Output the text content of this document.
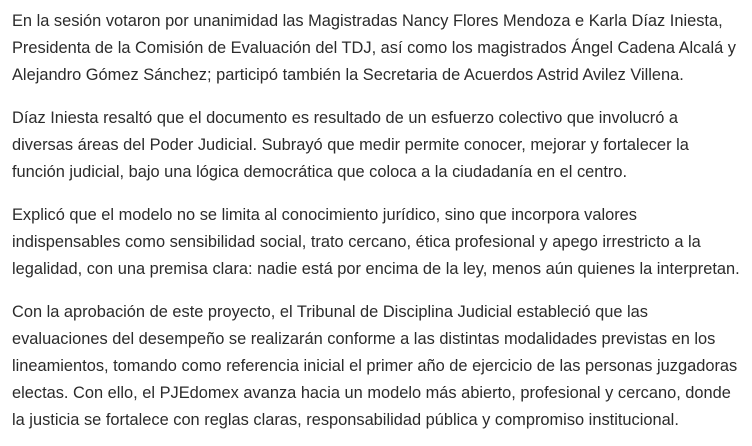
En la sesión votaron por unanimidad las Magistradas Nancy Flores Mendoza e Karla Díaz Iniesta, Presidenta de la Comisión de Evaluación del TDJ, así como los magistrados Ángel Cadena Alcalá y Alejandro Gómez Sánchez; participó también la Secretaria de Acuerdos Astrid Avilez Villena.

Díaz Iniesta resaltó que el documento es resultado de un esfuerzo colectivo que involucró a diversas áreas del Poder Judicial. Subrayó que medir permite conocer, mejorar y fortalecer la función judicial, bajo una lógica democrática que coloca a la ciudadanía en el centro.

Explicó que el modelo no se limita al conocimiento jurídico, sino que incorpora valores indispensables como sensibilidad social, trato cercano, ética profesional y apego irrestricto a la legalidad, con una premisa clara: nadie está por encima de la ley, menos aún quienes la interpretan.

Con la aprobación de este proyecto, el Tribunal de Disciplina Judicial estableció que las evaluaciones del desempeño se realizarán conforme a las distintas modalidades previstas en los lineamientos, tomando como referencia inicial el primer año de ejercicio de las personas juzgadoras electas. Con ello, el PJEdomex avanza hacia un modelo más abierto, profesional y cercano, donde la justicia se fortalece con reglas claras, responsabilidad pública y compromiso institucional.
